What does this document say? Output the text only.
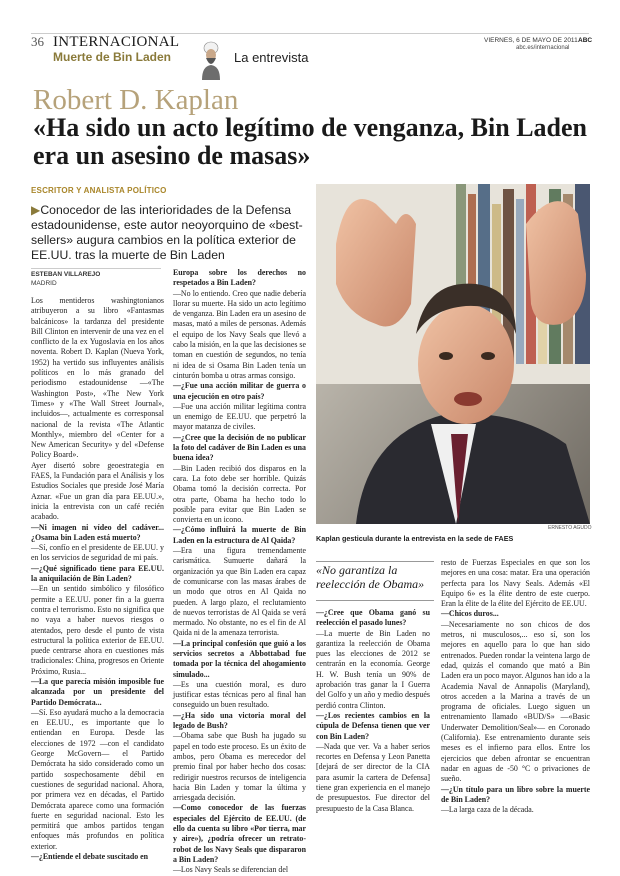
36 INTERNACIONAL
Muerte de Bin Laden	La entrevista
VIERNES, 6 DE MAYO DE 2011 ABC
abc.es/internacional
Robert D. Kaplan
«Ha sido un acto legítimo de venganza, Bin Laden era un asesino de masas»
ESCRITOR Y ANALISTA POLÍTICO
▶Conocedor de las interioridades de la Defensa estadounidense, este autor neoyorquino de «best-sellers» augura cambios en la política exterior de EE.UU. tras la muerte de Bin Laden
ESTEBAN VILLAREJO
MADRID

Los mentideros washingtonianos atribuyeron a su libro «Fantasmas balcánicos» la tardanza del presidente Bill Clinton en intervenir de una vez en el conflicto de la ex Yugoslavia en los años noventa. Robert D. Kaplan (Nueva York, 1952) ha vertido sus influyentes análisis políticos en lo más granado del periodismo estadounidense —«The Washington Post», «The New York Times» y «The Wall Street Journal», incluidos—, actualmente es corresponsal nacional de la revista «The Atlantic Monthly», miembro del «Center for a New American Security» y del «Defense Policy Board».

Ayer disertó sobre geoestrategia en FAES, la Fundación para el Análisis y los Estudios Sociales que preside José María Aznar. «Fue un gran día para EE.UU.», inicia la entrevista con un café recién acabado.

—Ni imagen ni vídeo del cadáver... ¿Osama bin Laden está muerto?

—Sí, confío en el presidente de EE.UU. y en los servicios de seguridad de mi país.

—¿Qué significado tiene para EE.UU. la aniquilación de Bin Laden?

—En un sentido simbólico y filosófico permite a EE.UU. poner fin a la guerra contra el terrorismo. Esto no significa que no vaya a haber nuevos riesgos o atentados, pero desde el punto de vista estructural la política exterior de EE.UU. puede centrarse ahora en cuestiones más tradicionales: China, progresos en Oriente Próximo, Rusia...

—La que parecía misión imposible fue alcanzada por un presidente del Partido Demócrata...

—Sí. Eso ayudará mucho a la democracia en EE.UU., es importante que lo entiendan en Europa. Desde las elecciones de 1972 —con el candidato George McGovern— el Partido Demócrata ha sido considerado como un partido sospechosamente débil en cuestiones de seguridad nacional. Ahora, por primera vez en décadas, el Partido Demócrata aparece como una formación fuerte en seguridad nacional. Esto les permitirá que ambos partidos tengan enfoques más profundos en política exterior.

—¿Entiende el debate suscitado en

Europa sobre los derechos no respetados a Bin Laden?

—No lo entiendo. Creo que nadie debería llorar su muerte. Ha sido un acto legítimo de venganza. Bin Laden era un asesino de masas, mató a miles de personas. Además el equipo de los Navy Seals que llevó a cabo la misión, en la que las decisiones se toman en cuestión de segundos, no tenía ni idea de si Osama Bin Laden tenía un cinturón bomba u otras armas consigo.

—¿Fue una acción militar de guerra o una ejecución en otro país?

—Fue una acción militar legítima contra un enemigo de EE.UU. que perpetró la mayor matanza de civiles.

—¿Cree que la decisión de no publicar la foto del cadáver de Bin Laden es una buena idea?

—Bin Laden recibió dos disparos en la cara. La foto debe ser horrible. Quizás Obama tomó la decisión correcta. Por otra parte, Obama ha hecho todo lo posible para evitar que Bin Laden se convierta en un icono.

—¿Cómo influirá la muerte de Bin Laden en la estructura de Al Qaida?

—Era una figura tremendamente carismática. Sumuerte dañará la organización ya que Bin Laden era capaz de comunicarse con las masas árabes de un modo que otros en Al Qaida no pueden. A largo plazo, el reclutamiento de nuevos terroristas de Al Qaida se verá mermado. No obstante, no es el fin de Al Qaida ni de la amenaza terrorista.

—La principal confesión que guió a los servicios secretos a Abbottabad fue tomada por la técnica del ahogamiento simulado...

—Es una cuestión moral, es duro justificar estas técnicas pero al final han conseguido un buen resultado.

—¿Ha sido una victoria moral del legado de Bush?

—Obama sabe que Bush ha jugado su papel en todo este proceso. Es un éxito de ambos, pero Obama es merecedor del premio final por haber hecho dos cosas: redirigir nuestros recursos de inteligencia hacia Bin Laden y tomar la última y arriesgada decisión.

—Como conocedor de las fuerzas especiales del Ejército de EE.UU. (de ello da cuenta su libro «Por tierra, mar y aire»), ¿podría ofrecer un retrato-robot de los Navy Seals que dispararon a Bin Laden?

—Los Navy Seals se diferencian del

—¿Cree que Obama ganó su reelección el pasado lunes?

—La muerte de Bin Laden no garantiza la reelección de Obama pues las elecciones de 2012 se centrarán en la economía. George H. W. Bush tenía un 90% de aprobación tras ganar la I Guerra del Golfo y un año y medio después perdió contra Clinton.

—¿Los recientes cambios en la cúpula de Defensa tienen que ver con Bin Laden?

—Nada que ver. Va a haber serios recortes en Defensa y Leon Panetta [dejará de ser director de la CIA para asumir la cartera de Defensa] tiene gran experiencia en el manejo de presupuestos. Fue director del presupuesto de la Casa Blanca.

resto de Fuerzas Especiales en que son los mejores en una cosa: matar. Era una operación perfecta para los Navy Seals. Además «El Equipo 6» es la élite dentro de este cuerpo. Eran la élite de la élite del Ejército de EE.UU.

—Chicos duros...

—Necesariamente no son chicos de dos metros, ni musculosos,... eso sí, son los mejores en aquello para lo que han sido entrenados. Pueden rondar la veintena largo de edad, quizás el comando que mató a Bin Laden era un poco mayor. Algunos han ido a la Academia Naval de Annapolis (Maryland), otros acceden a la Marina a través de un programa de oficiales. Luego siguen un entrenamiento llamado «BUD/S» —«Basic Underwater Demolition/Seal»— en Coronado (California). Ese entrenamiento durante seis meses es el infierno para ellos. Entre los ejercicios que deben afrontar se encuentran nadar en aguas de -50 °C o privaciones de sueño.

—¿Un título para un libro sobre la muerte de Bin Laden?

—La larga caza de la década.

ERNESTO AGUDO
Kaplan gesticula durante la entrevista en la sede de FAES
«No garantiza la reelección de Obama»
